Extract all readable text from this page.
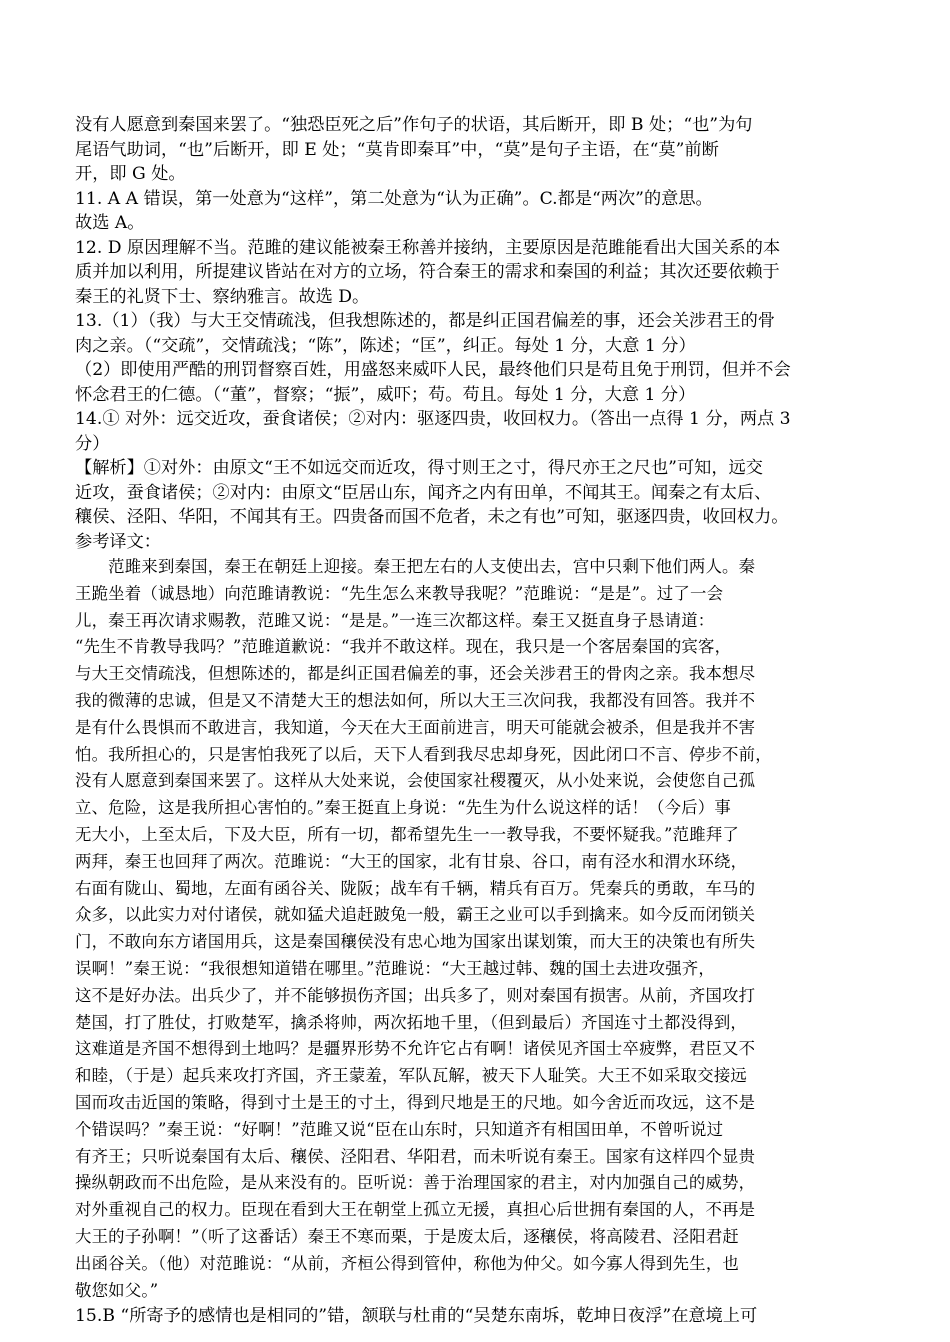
没有人愿意到秦国来罢了。“独恐臣死之后”作句子的状语，其后断开，即 B 处；“也”为句
尾语气助词，“也”后断开，即 E 处；“莫肯即秦耳”中，“莫”是句子主语，在“莫”前断
开，即 G 处。
11. A A 错误，第一处意为“这样”，第二处意为“认为正确”。C.都是“两次”的意思。
故选 A。
12. D 原因理解不当。范雎的建议能被秦王称善并接纳，主要原因是范雎能看出大国关系的本
质并加以利用，所提建议皆站在对方的立场，符合秦王的需求和秦国的利益；其次还要依赖于
秦王的礼贤下士、察纳雅言。故选 D。
13.（1）（我）与大王交情疏浅，但我想陈述的，都是纠正国君偏差的事，还会关涉君王的骨
肉之亲。（“交疏”，交情疏浅；“陈”，陈述；“匡”，纠正。每处 1 分，大意 1 分）
（2）即使用严酷的刑罚督察百姓，用盛怒来威吓人民，最终他们只是苟且免于刑罚，但并不会
怀念君王的仁德。（“董”，督察；“振”，威吓；苟。苟且。每处 1 分，大意 1 分）
14.① 对外：远交近攻，蚕食诸侯；②对内：驱逐四贵，收回权力。（答出一点得 1 分，两点 3
分）
【解析】①对外：由原文“王不如远交而近攻，得寸则王之寸，得尺亦王之尺也”可知，远交
近攻，蚕食诸侯；②对内：由原文“臣居山东，闻齐之内有田单，不闻其王。闻秦之有太后、
穰侯、泾阳、华阳，不闻其有王。四贵备而国不危者，未之有也”可知，驱逐四贵，收回权力。
参考译文：
　　范雎来到秦国，秦王在朝廷上迎接。秦王把左右的人支使出去，宫中只剩下他们两人。秦
王跪坐着（诚恳地）向范雎请教说：“先生怎么来教导我呢？”范雎说：“是是”。过了一会
儿，秦王再次请求赐教，范雎又说：“是是。”一连三次都这样。秦王又挺直身子恳请道：
“先生不肯教导我吗？”范雎道歉说：“我并不敢这样。现在，我只是一个客居秦国的宾客，
与大王交情疏浅，但想陈述的，都是纠正国君偏差的事，还会关涉君王的骨肉之亲。我本想尽
我的微薄的忠诚，但是又不清楚大王的想法如何，所以大王三次问我，我都没有回答。我并不
是有什么畏惧而不敢进言，我知道，今天在大王面前进言，明天可能就会被杀，但是我并不害
怕。我所担心的，只是害怕我死了以后，天下人看到我尽忠却身死，因此闭口不言、停步不前，
没有人愿意到秦国来罢了。这样从大处来说，会使国家社稷覆灭，从小处来说，会使您自己孤
立、危险，这是我所担心害怕的。”秦王挺直上身说：“先生为什么说这样的话！（今后）事
无大小，上至太后，下及大臣，所有一切，都希望先生一一教导我，不要怀疑我。”范雎拜了
两拜，秦王也回拜了两次。范雎说：“大王的国家，北有甘泉、谷口，南有泾水和渭水环绕，
右面有陇山、蜀地，左面有函谷关、陇阪；战车有千辆，精兵有百万。凭秦兵的勇敢，车马的
众多，以此实力对付诸侯，就如猛犬追赶跛兔一般，霸王之业可以手到擒来。如今反而闭锁关
门，不敢向东方诸国用兵，这是秦国穰侯没有忠心地为国家出谋划策，而大王的决策也有所失
误啊！”秦王说：“我很想知道错在哪里。”范雎说：“大王越过韩、魏的国土去进攻强齐，
这不是好办法。出兵少了，并不能够损伤齐国；出兵多了，则对秦国有损害。从前，齐国攻打
楚国，打了胜仗，打败楚军，擒杀将帅，两次拓地千里，（但到最后）齐国连寸土都没得到，
这难道是齐国不想得到土地吗？是疆界形势不允许它占有啊！诸侯见齐国士卒疲弊，君臣又不
和睦，（于是）起兵来攻打齐国，齐王蒙羞，军队瓦解，被天下人耻笑。大王不如采取交接远
国而攻击近国的策略，得到寸土是王的寸土，得到尺地是王的尺地。如今舍近而攻远，这不是
个错误吗？”秦王说：“好啊！”范雎又说“臣在山东时，只知道齐有相国田单，不曾听说过
有齐王；只听说秦国有太后、穰侯、泾阳君、华阳君，而未听说有秦王。国家有这样四个显贵
操纵朝政而不出危险，是从来没有的。臣听说：善于治理国家的君主，对内加强自己的威势，
对外重视自己的权力。臣现在看到大王在朝堂上孤立无援，真担心后世拥有秦国的人，不再是
大王的子孙啊！”（听了这番话）秦王不寒而栗，于是废太后，逐穰侯，将高陵君、泾阳君赶
出函谷关。（他）对范雎说：“从前，齐桓公得到管仲，称他为仲父。如今寡人得到先生，也
敬您如父。”
15.B “所寄予的感情也是相同的”错，颔联与杜甫的“吴楚东南坼，乾坤日夜浮”在意境上可
